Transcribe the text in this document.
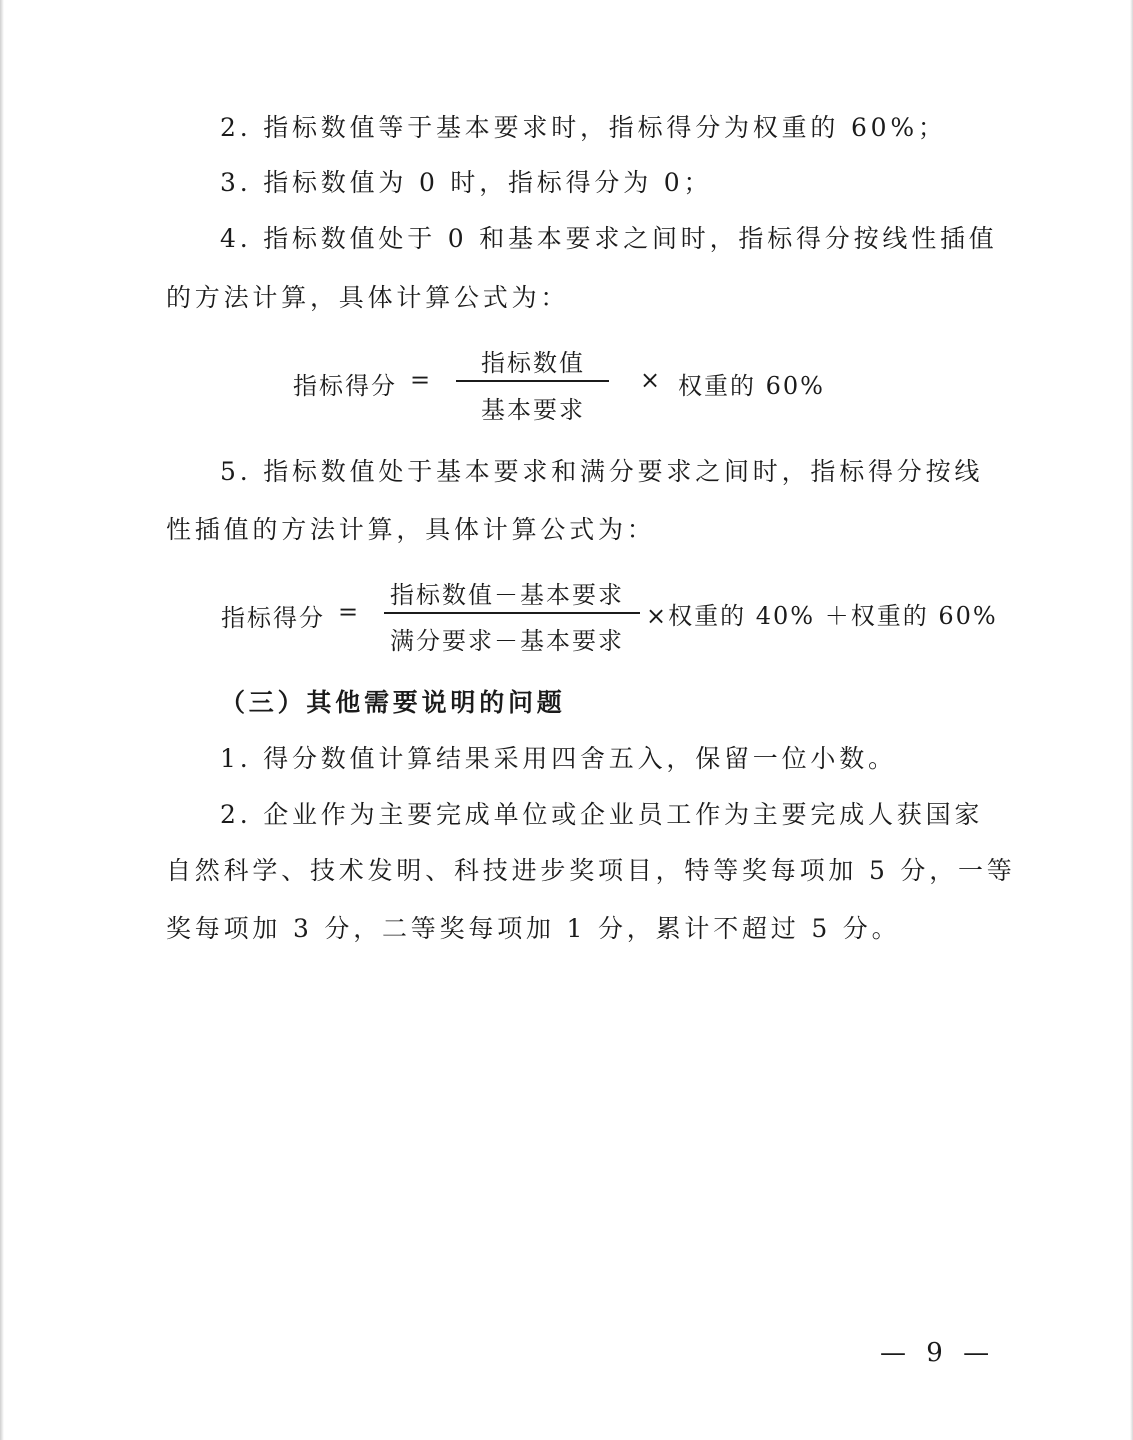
2. 指标数值等于基本要求时，指标得分为权重的 60%；
3. 指标数值为 0 时，指标得分为 0；
4. 指标数值处于 0 和基本要求之间时，指标得分按线性插值
的方法计算，具体计算公式为：
指标得分 =
指标数值
基本要求
× 权重的 60%
5. 指标数值处于基本要求和满分要求之间时，指标得分按线
性插值的方法计算，具体计算公式为：
指标得分 =
指标数值－基本要求
满分要求－基本要求
×权重的 40% ＋权重的 60%
（三）其他需要说明的问题
1. 得分数值计算结果采用四舍五入，保留一位小数。
2. 企业作为主要完成单位或企业员工作为主要完成人获国家
自然科学、技术发明、科技进步奖项目，特等奖每项加 5 分，一等
奖每项加 3 分，二等奖每项加 1 分，累计不超过 5 分。
— 9 —
